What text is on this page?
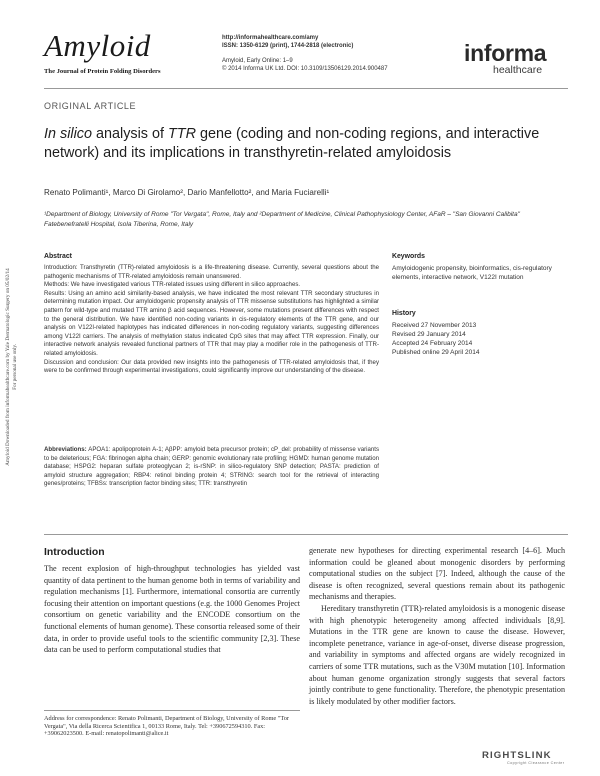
Amyloid Downloaded from informahealthcare.com by Yale Dermatologic Surgery on 05/02/14 For personal use only.
Amyloid
The Journal of Protein Folding Disorders
http://informahealthcare.com/amy
ISSN: 1350-6129 (print), 1744-2818 (electronic)
Amyloid, Early Online: 1–9
© 2014 Informa UK Ltd. DOI: 10.3109/13506129.2014.900487
informa
healthcare
ORIGINAL ARTICLE
In silico analysis of TTR gene (coding and non-coding regions, and interactive network) and its implications in transthyretin-related amyloidosis
Renato Polimanti¹, Marco Di Girolamo², Dario Manfellotto², and Maria Fuciarelli¹
¹Department of Biology, University of Rome "Tor Vergata", Rome, Italy and ²Department of Medicine, Clinical Pathophysiology Center, AFaR – "San Giovanni Calibita" Fatebenefratelli Hospital, Isola Tiberina, Rome, Italy
Abstract

Introduction: Transthyretin (TTR)-related amyloidosis is a life-threatening disease. Currently, several questions about the pathogenic mechanisms of TTR-related amyloidosis remain unanswered.

Methods: We have investigated various TTR-related issues using different in silico approaches.

Results: Using an amino acid similarity-based analysis, we have indicated the most relevant TTR secondary structures in determining mutation impact. Our amyloidogenic propensity analysis of TTR missense substitutions has highlighted a similar pattern for wild-type and mutated TTR amino β acid sequences. However, some mutations present differences with respect to the general distribution. We have identified non-coding variants in cis-regulatory elements of the TTR gene, and our analysis on V122I-related haplotypes has indicated differences in non-coding regulatory variants, suggesting differences among V122I carriers. The analysis of methylation status indicated CpG sites that may affect TTR expression. Finally, our interactive network analysis revealed functional partners of TTR that may play a modifier role in the pathogenesis of TTR-related amyloidosis.

Discussion and conclusion: Our data provided new insights into the pathogenesis of TTR-related amyloidosis that, if they were to be confirmed through experimental investigations, could significantly improve our understanding of the disease.

Abbreviations: APOA1: apolipoprotein A-1; AβPP: amyloid beta precursor protein; cP_del: probability of missense variants to be deleterious; FGA: fibrinogen alpha chain; GERP: genomic evolutionary rate profiling; HGMD: human genome mutation database; HSPG2: heparan sulfate proteoglycan 2; is-rSNP: in silico-regulatory SNP detection; PASTA: prediction of amyloid structure aggregation; RBP4: retinol binding protein 4; STRING: search tool for the retrieval of interacting genes/proteins; TFBSs: transcription factor binding sites; TTR: transthyretin
Keywords
Amyloidogenic propensity, bioinformatics, cis-regulatory elements, interactive network, V122I mutation
History
Received 27 November 2013
Revised 29 January 2014
Accepted 24 February 2014
Published online 29 April 2014
Introduction

The recent explosion of high-throughput technologies has yielded vast quantity of data pertinent to the human genome both in terms of variability and regulation mechanisms [1]. Furthermore, international consortia are currently focusing their attention on important questions (e.g. the 1000 Genomes Project consortium on genetic variability and the ENCODE consortium on the functional elements of human genome). These consortia released some of their data, in order to provide useful tools to the scientific community [2,3]. These data can be used to perform computational studies that

generate new hypotheses for directing experimental research [4–6]. Much information could be gleaned about monogenic disorders by performing computational studies on the subject [7]. Indeed, although the cause of the disease is often recognized, several questions remain about its pathogenic mechanisms and therapies.

Hereditary transthyretin (TTR)-related amyloidosis is a monogenic disease with high phenotypic heterogeneity among affected individuals [8,9]. Mutations in the TTR gene are known to cause the disease. However, incomplete penetrance, variance in age-of-onset, diverse disease progression, and variability in symptoms and affected organs are widely recognized in carriers of some TTR mutations, such as the V30M mutation [10]. Information about human genome organization strongly suggests that several factors jointly contribute to gene functionality. Therefore, the phenotypic presentation is likely modulated by other modifier factors.

Address for correspondence: Renato Polimanti, Department of Biology, University of Rome "Tor Vergata", Via della Ricerca Scientifica 1, 00133 Rome, Italy. Tel: +390672594310. Fax: +39062023500. E-mail: renatopolimanti@alice.it
RIGHTSLINK
Copyright Clearance Center
